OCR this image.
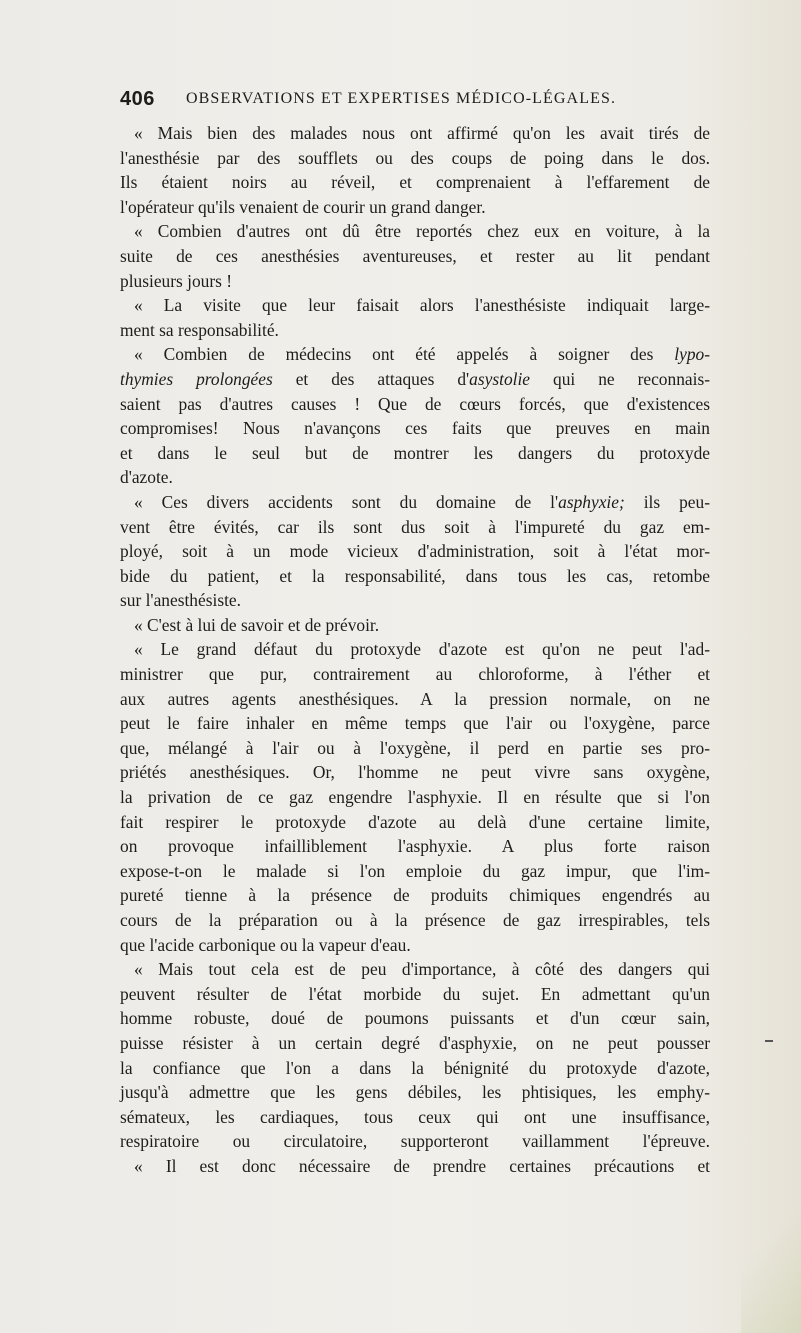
406 OBSERVATIONS ET EXPERTISES MÉDICO-LÉGALES.
« Mais bien des malades nous ont affirmé qu'on les avait tirés de
l'anesthésie par des soufflets ou des coups de poing dans le dos.
Ils étaient noirs au réveil, et comprenaient à l'effarement de
l'opérateur qu'ils venaient de courir un grand danger.
« Combien d'autres ont dû être reportés chez eux en voiture, à la
suite de ces anesthésies aventureuses, et rester au lit pendant
plusieurs jours !
« La visite que leur faisait alors l'anesthésiste indiquait large-
ment sa responsabilité.
« Combien de médecins ont été appelés à soigner des lypo-
thymies prolongées et des attaques d'asystolie qui ne reconnais-
saient pas d'autres causes ! Que de cœurs forcés, que d'existences
compromises! Nous n'avançons ces faits que preuves en main
et dans le seul but de montrer les dangers du protoxyde
d'azote.
« Ces divers accidents sont du domaine de l'asphyxie; ils peu-
vent être évités, car ils sont dus soit à l'impureté du gaz em-
ployé, soit à un mode vicieux d'administration, soit à l'état mor-
bide du patient, et la responsabilité, dans tous les cas, retombe
sur l'anesthésiste.
« C'est à lui de savoir et de prévoir.
« Le grand défaut du protoxyde d'azote est qu'on ne peut l'ad-
ministrer que pur, contrairement au chloroforme, à l'éther et
aux autres agents anesthésiques. A la pression normale, on ne
peut le faire inhaler en même temps que l'air ou l'oxygène, parce
que, mélangé à l'air ou à l'oxygène, il perd en partie ses pro-
priétés anesthésiques. Or, l'homme ne peut vivre sans oxygène,
la privation de ce gaz engendre l'asphyxie. Il en résulte que si l'on
fait respirer le protoxyde d'azote au delà d'une certaine limite,
on provoque infailliblement l'asphyxie. A plus forte raison
expose-t-on le malade si l'on emploie du gaz impur, que l'im-
pureté tienne à la présence de produits chimiques engendrés au
cours de la préparation ou à la présence de gaz irrespirables, tels
que l'acide carbonique ou la vapeur d'eau.
« Mais tout cela est de peu d'importance, à côté des dangers qui
peuvent résulter de l'état morbide du sujet. En admettant qu'un
homme robuste, doué de poumons puissants et d'un cœur sain,
puisse résister à un certain degré d'asphyxie, on ne peut pousser
la confiance que l'on a dans la bénignité du protoxyde d'azote,
jusqu'à admettre que les gens débiles, les phtisiques, les emphy-
sémateux, les cardiaques, tous ceux qui ont une insuffisance,
respiratoire ou circulatoire, supporteront vaillamment l'épreuve.
« Il est donc nécessaire de prendre certaines précautions et
